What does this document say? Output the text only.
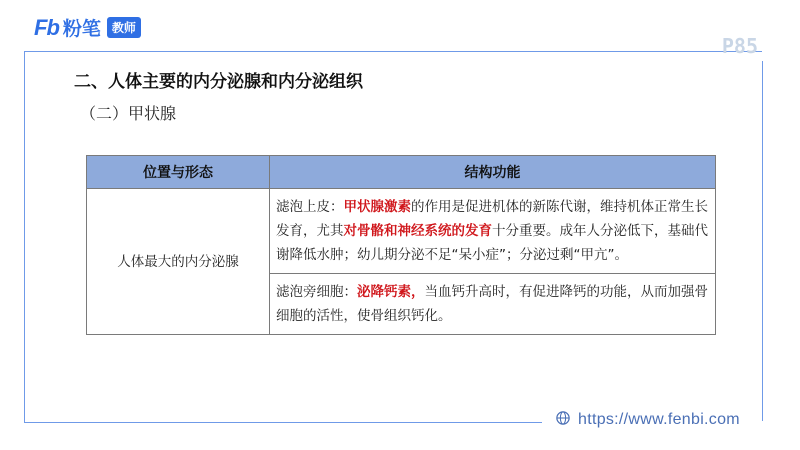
Fb 粉笔 教师
P85
二、人体主要的内分泌腺和内分泌组织
（二）甲状腺
位置与形态	结构功能
人体最大的内分泌腺	滤泡上皮：甲状腺激素的作用是促进机体的新陈代谢，维持机体正常生长发育，尤其对骨骼和神经系统的发育十分重要。成年人分泌低下，基础代谢降低水肿；幼儿期分泌不足“呆小症”；分泌过剩“甲亢”。
	滤泡旁细胞：泌降钙素，当血钙升高时，有促进降钙的功能，从而加强骨细胞的活性，使骨组织钙化。
https://www.fenbi.com
